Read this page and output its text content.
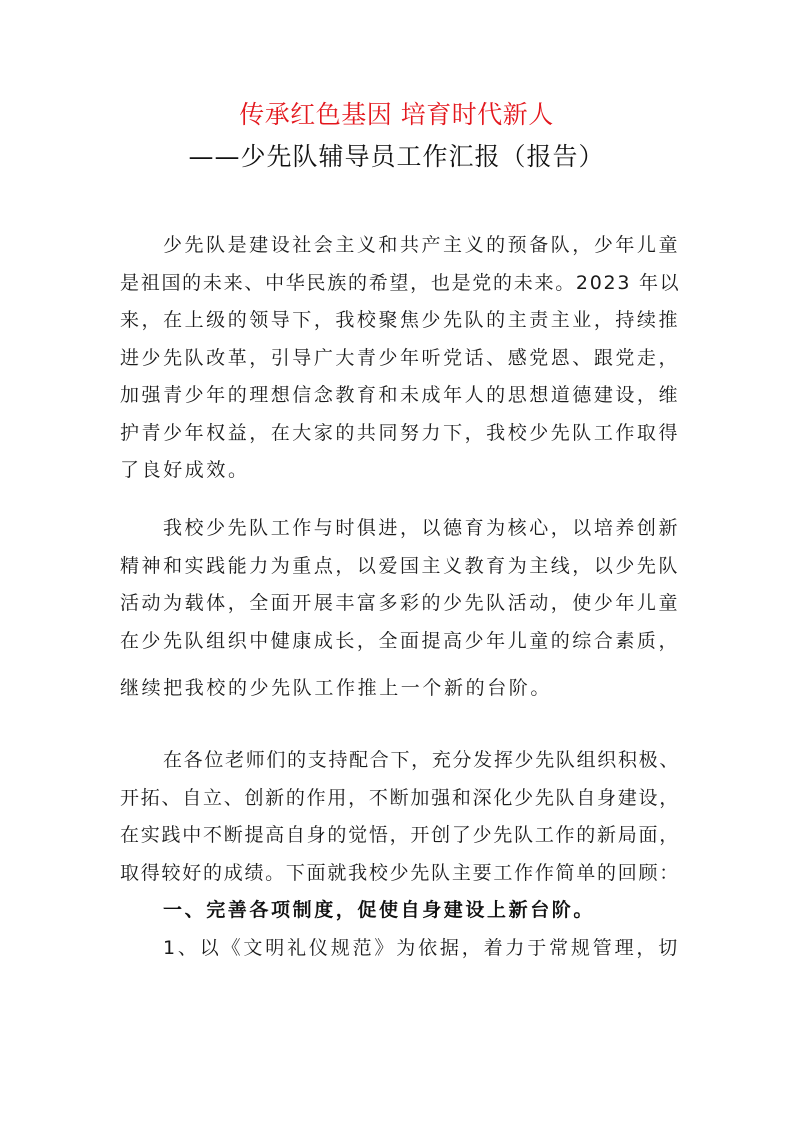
传承红色基因 培育时代新人
——少先队辅导员工作汇报（报告）
少先队是建设社会主义和共产主义的预备队，少年儿童
是祖国的未来、中华民族的希望，也是党的未来。2023 年以
来，在上级的领导下，我校聚焦少先队的主责主业，持续推
进少先队改革，引导广大青少年听党话、感党恩、跟党走，
加强青少年的理想信念教育和未成年人的思想道德建设，维
护青少年权益，在大家的共同努力下，我校少先队工作取得
了良好成效。
我校少先队工作与时俱进，以德育为核心，以培养创新
精神和实践能力为重点，以爱国主义教育为主线，以少先队
活动为载体，全面开展丰富多彩的少先队活动，使少年儿童
在少先队组织中健康成长，全面提高少年儿童的综合素质，
继续把我校的少先队工作推上一个新的台阶。
在各位老师们的支持配合下，充分发挥少先队组织积极、
开拓、自立、创新的作用，不断加强和深化少先队自身建设，
在实践中不断提高自身的觉悟，开创了少先队工作的新局面，
取得较好的成绩。下面就我校少先队主要工作作简单的回顾：
一、完善各项制度，促使自身建设上新台阶。
1、以《文明礼仪规范》为依据，着力于常规管理，切
